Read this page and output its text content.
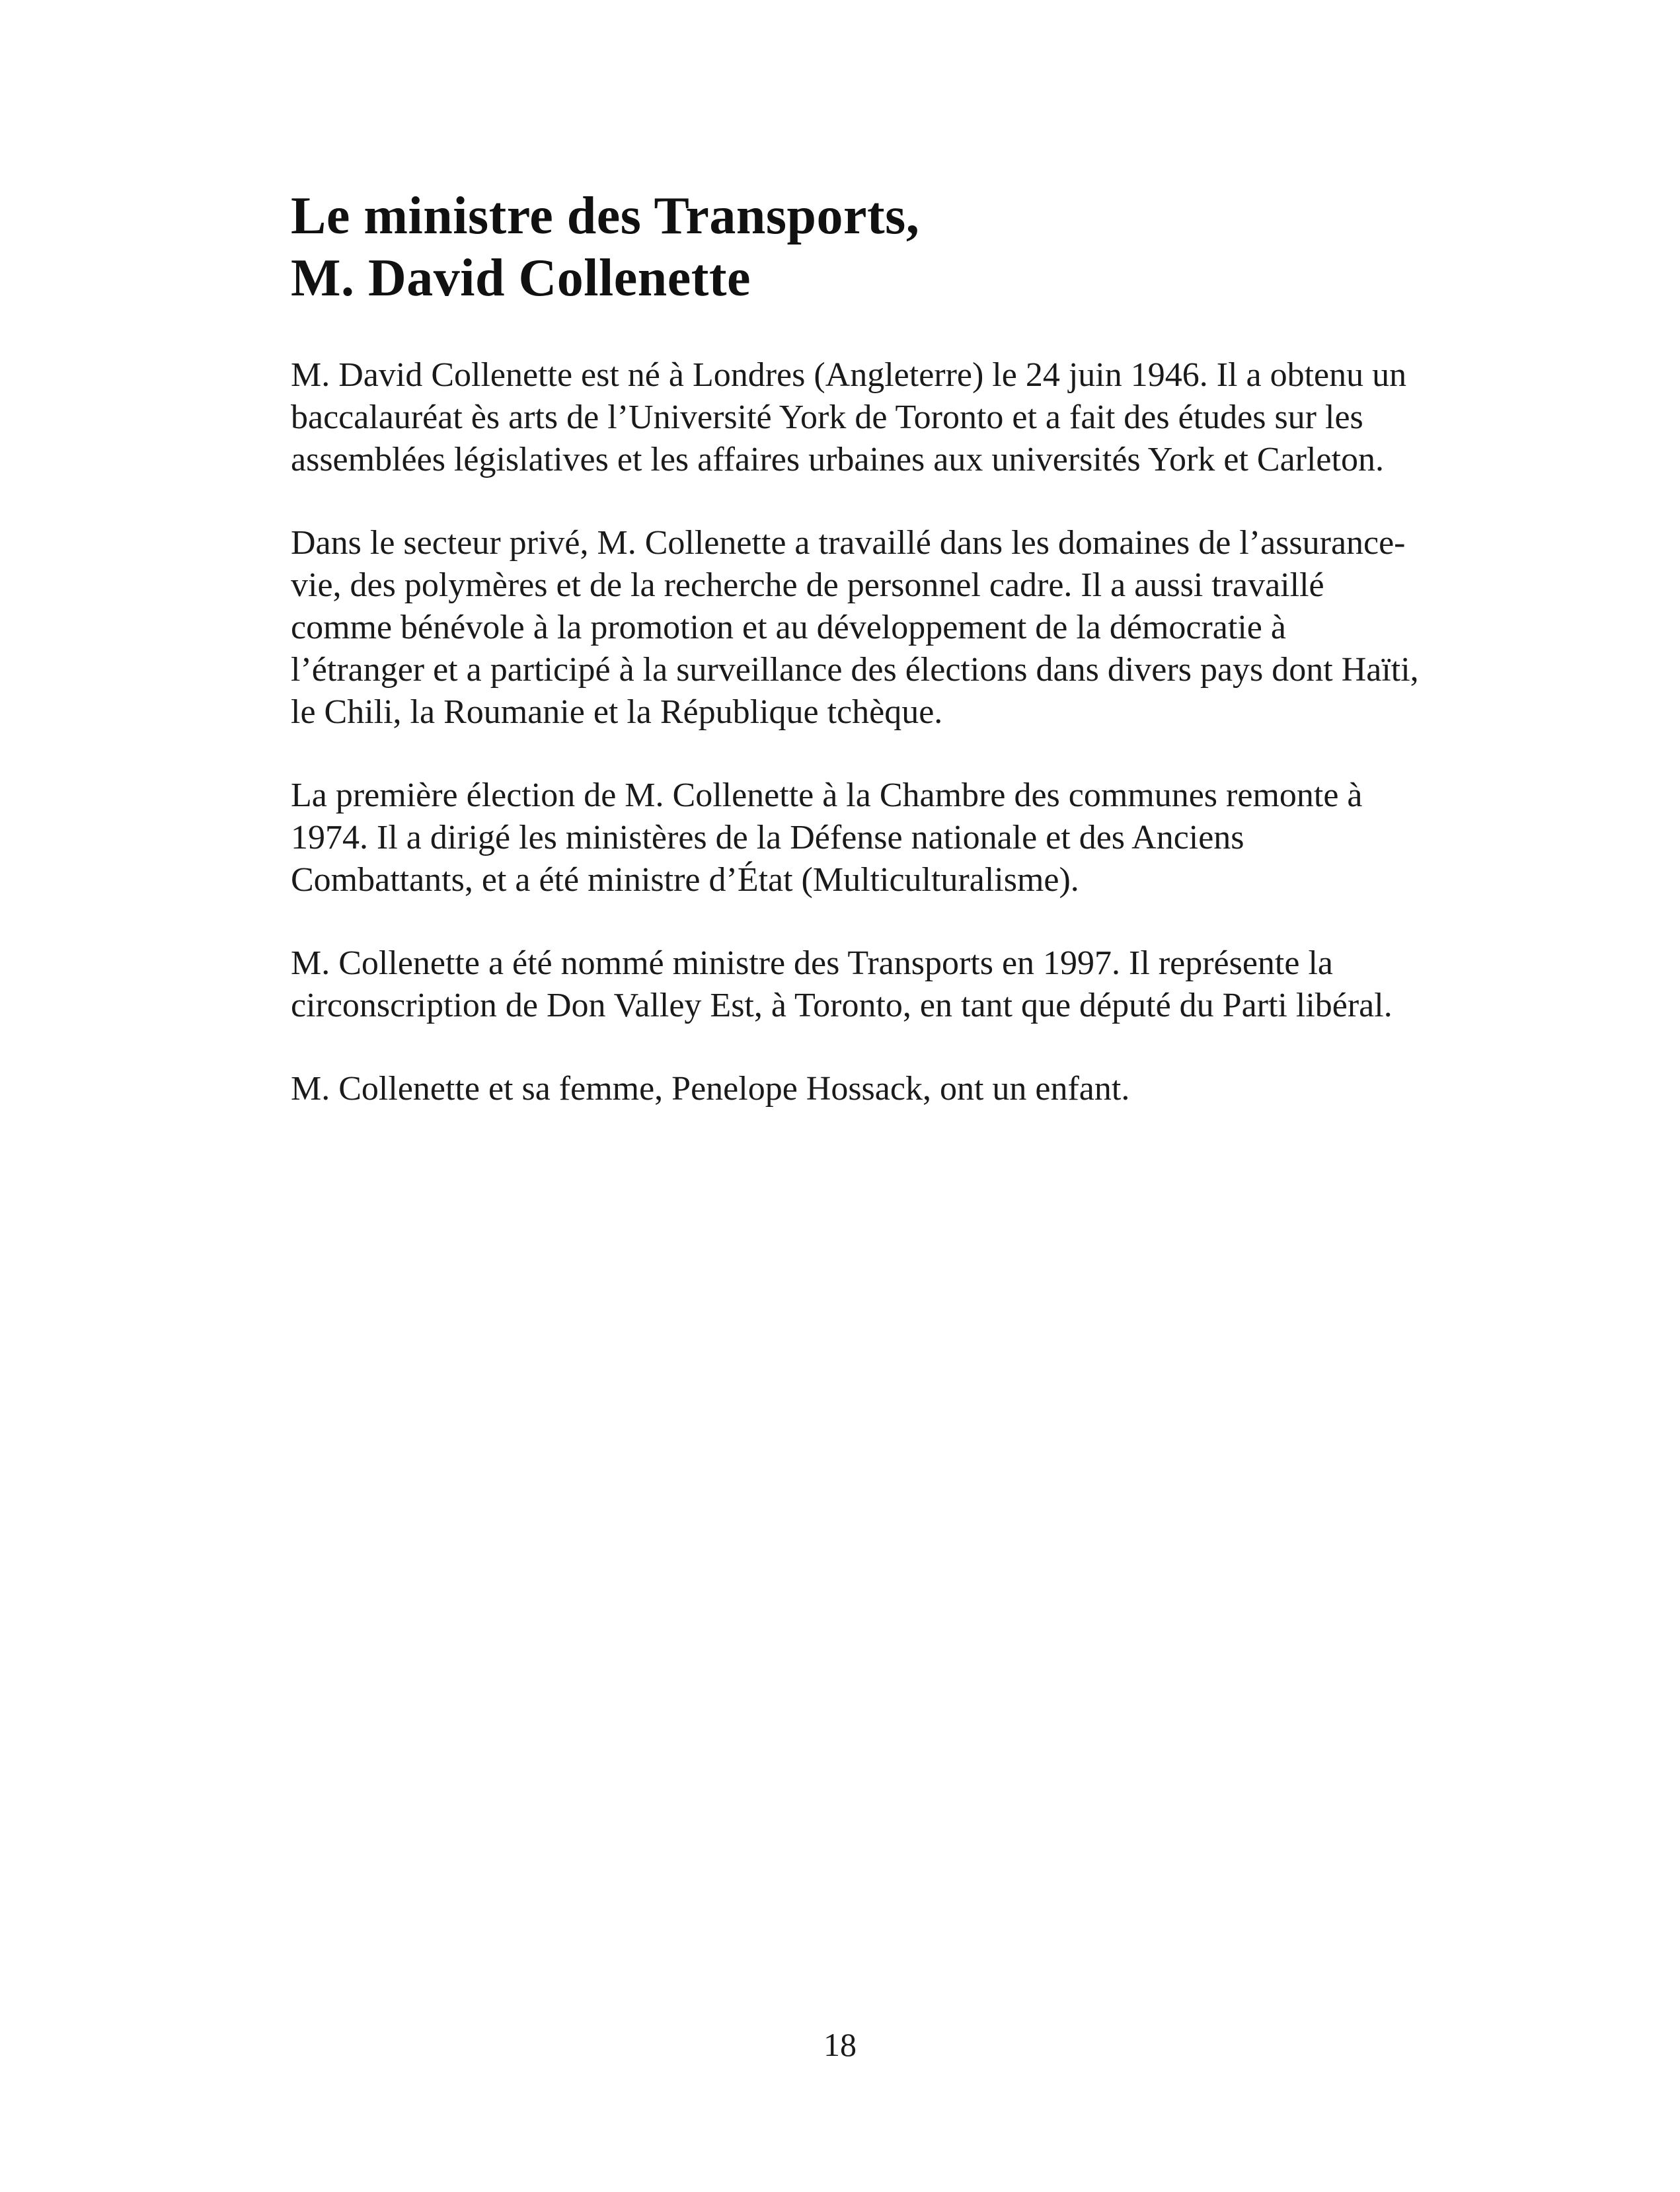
Le ministre des Transports,
M. David Collenette

M. David Collenette est né à Londres (Angleterre) le 24 juin 1946. Il a obtenu un
baccalauréat ès arts de l’Université York de Toronto et a fait des études sur les
assemblées législatives et les affaires urbaines aux universités York et Carleton.

Dans le secteur privé, M. Collenette a travaillé dans les domaines de l’assurance-
vie, des polymères et de la recherche de personnel cadre. Il a aussi travaillé
comme bénévole à la promotion et au développement de la démocratie à
l’étranger et a participé à la surveillance des élections dans divers pays dont Haïti,
le Chili, la Roumanie et la République tchèque.

La première élection de M. Collenette à la Chambre des communes remonte à
1974. Il a dirigé les ministères de la Défense nationale et des Anciens
Combattants, et a été ministre d’État (Multiculturalisme).

M. Collenette a été nommé ministre des Transports en 1997. Il représente la
circonscription de Don Valley Est, à Toronto, en tant que député du Parti libéral.

M. Collenette et sa femme, Penelope Hossack, ont un enfant.

18
